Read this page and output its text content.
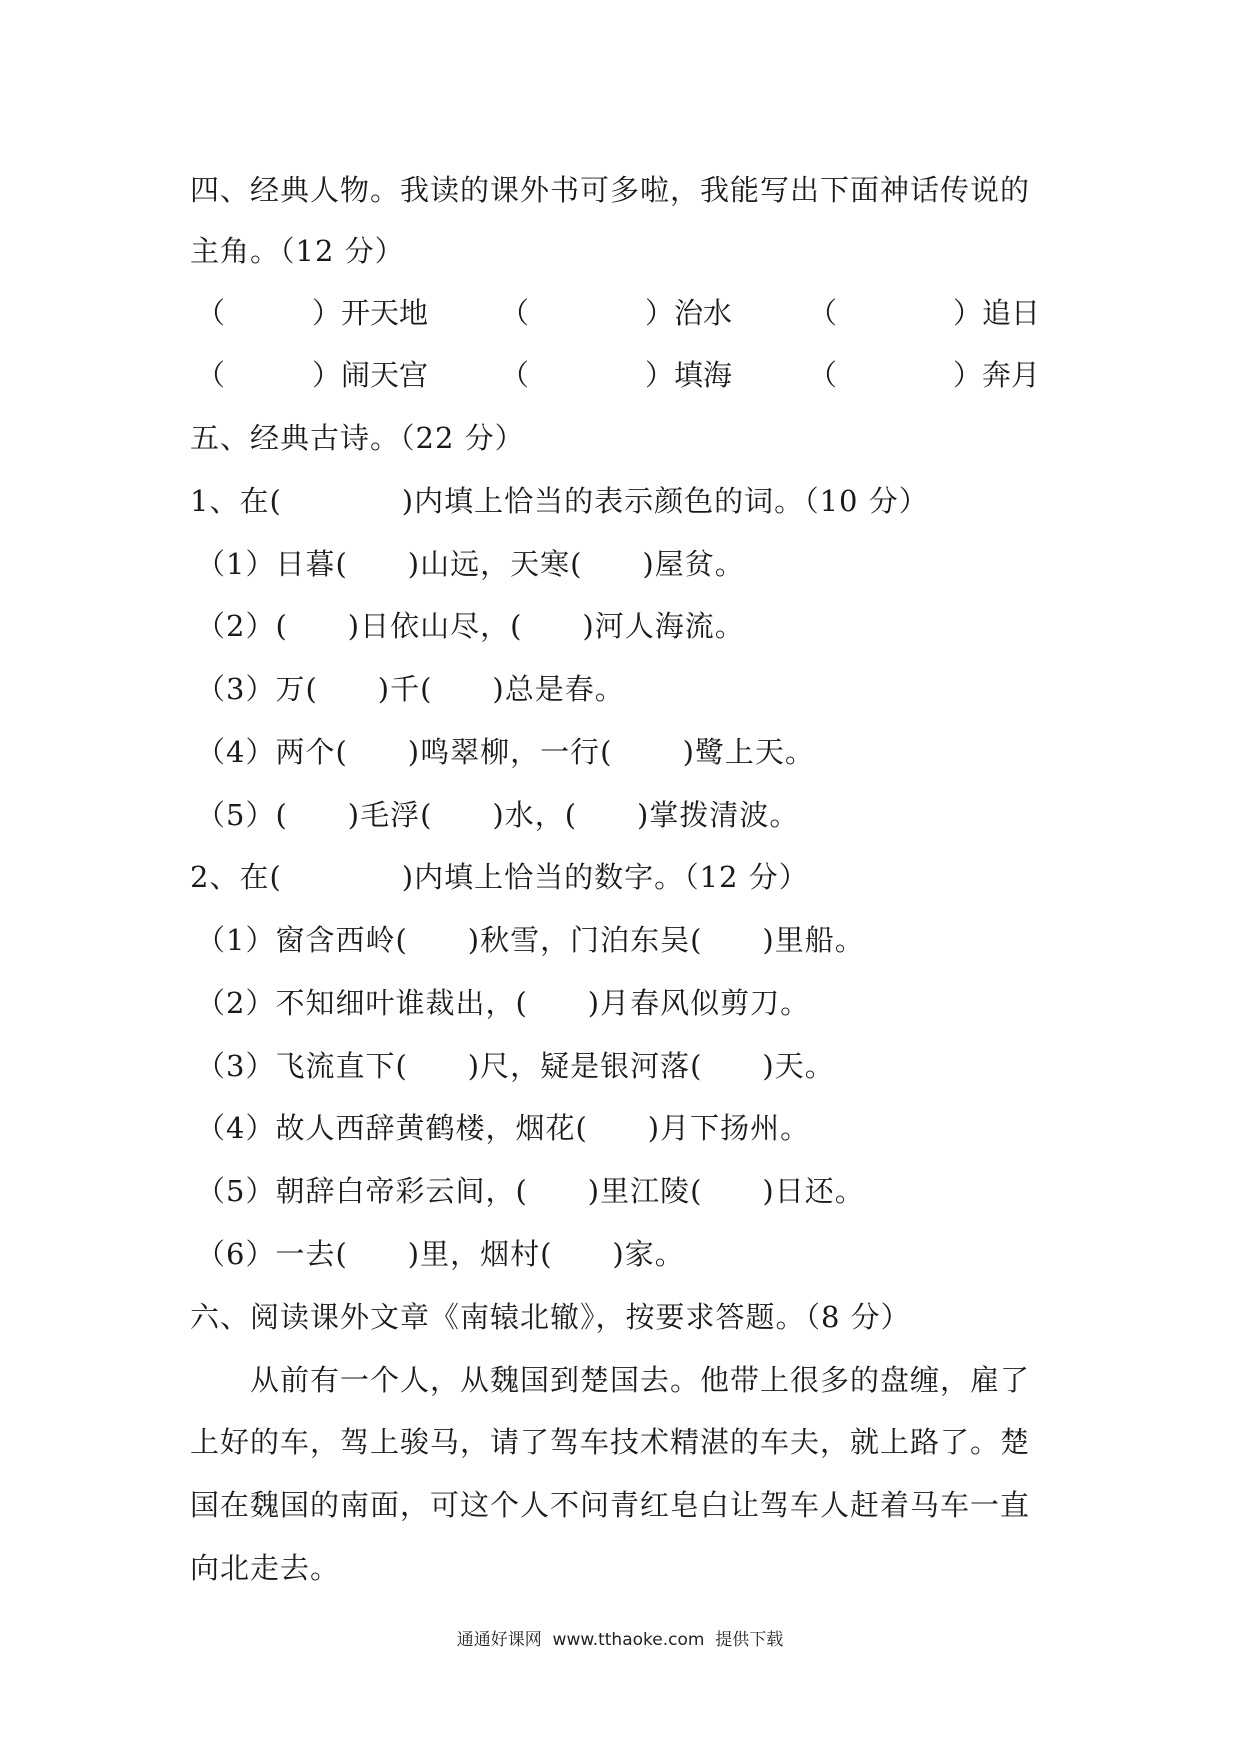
四、经典人物。我读的课外书可多啦，我能写出下面神话传说的
主角。（12 分）
（　　　）开天地 （　　　　）治水	（　　　　）追日
（　　　）闹天宫 （　　　　）填海	（　　　　）奔月
五、经典古诗。（22 分）
1、在(　　　　)内填上恰当的表示颜色的词。（10 分）
（1）日暮(　　)山远，天寒(　　)屋贫。
（2）(　　)日依山尽，(　　)河人海流。
（3）万(　　)千(　　)总是春。
（4）两个(　　)鸣翠柳，一行(　　 )鹭上天。
（5）(　　)毛浮(　　)水，(　　)掌拨清波。
2、在(　　　　)内填上恰当的数字。（12 分）
（1）窗含西岭(　　)秋雪，门泊东吴(　　)里船。
（2）不知细叶谁裁出，(　　)月春风似剪刀。
（3）飞流直下(　　)尺，疑是银河落(　　)天。
（4）故人西辞黄鹤楼，烟花(　　)月下扬州。
（5）朝辞白帝彩云间，(　　)里江陵(　　)日还。
（6）一去(　　)里，烟村(　　)家。
六、阅读课外文章《南辕北辙》，按要求答题。（8 分）
从前有一个人，从魏国到楚国去。他带上很多的盘缠，雇了
上好的车，驾上骏马，请了驾车技术精湛的车夫，就上路了。楚
国在魏国的南面，可这个人不问青红皂白让驾车人赶着马车一直
向北走去。
通通好课网  www.tthaoke.com  提供下载
